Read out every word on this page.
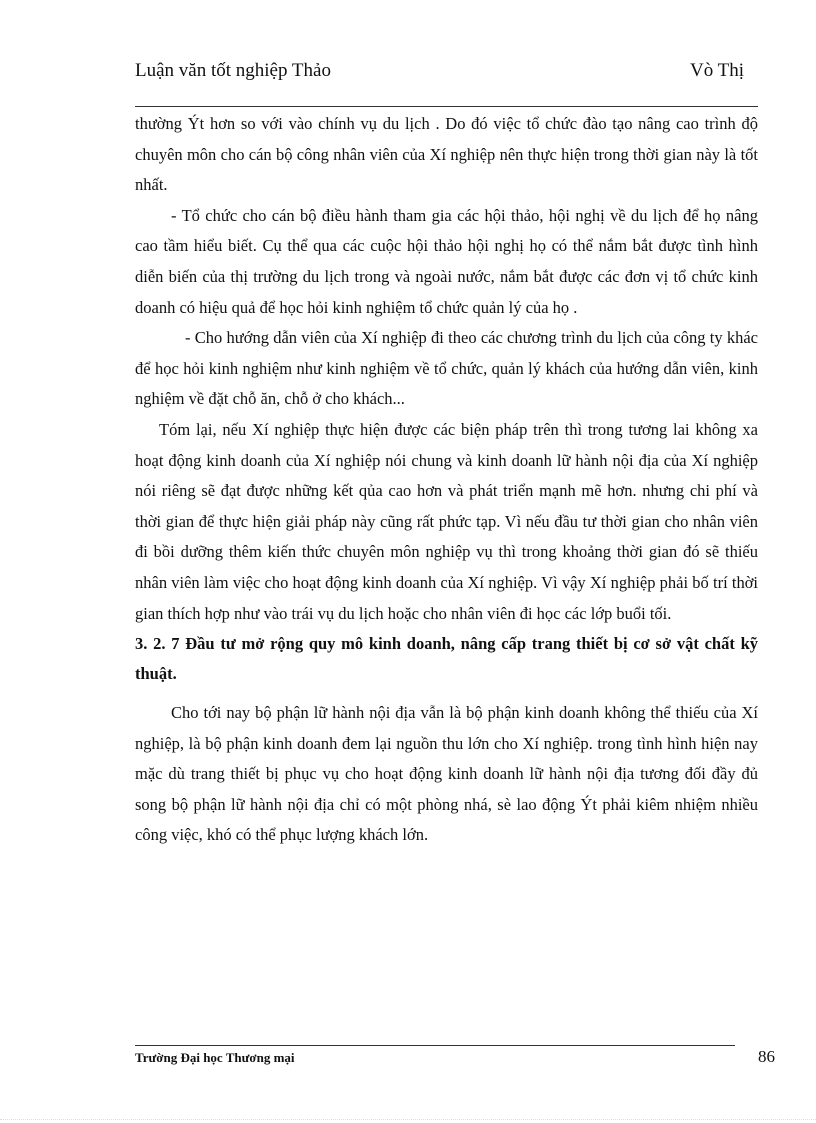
Luận văn tốt nghiệp Thảo	Vò Thị

thường Ýt hơn so với vào chính vụ du lịch . Do đó việc tổ chức đào tạo nâng cao trình độ chuyên môn cho cán bộ công nhân viên của Xí nghiệp nên thực hiện trong thời gian này là tốt nhất.

- Tổ chức cho cán bộ điều hành tham gia các hội thảo, hội nghị về du lịch để họ nâng cao tầm hiểu biết. Cụ thể qua các cuộc hội thảo hội nghị họ có thể nắm bắt được tình hình diễn biến của thị trường du lịch trong và ngoài nước, nắm bắt được các đơn vị tổ chức kinh doanh có hiệu quả để học hỏi kinh nghiệm tổ chức quản lý của họ .

- Cho hướng dẫn viên của Xí nghiệp đi theo các chương trình du lịch của công ty khác để học hỏi kinh nghiệm như kinh nghiệm về tổ chức, quản lý khách của hướng dẫn viên, kinh nghiệm về đặt chỗ ăn, chỗ ở cho khách...

Tóm lại, nếu Xí nghiệp thực hiện được các biện pháp trên thì trong tương lai không xa hoạt động kinh doanh của Xí nghiệp nói chung và kinh doanh lữ hành nội địa của Xí nghiệp nói riêng sẽ đạt được những kết qủa cao hơn và phát triển mạnh mẽ hơn. nhưng chi phí và thời gian để thực hiện giải pháp này cũng rất phức tạp. Vì nếu đầu tư thời gian cho nhân viên đi bồi dưỡng thêm kiến thức chuyên môn nghiệp vụ thì trong khoảng thời gian đó sẽ thiếu nhân viên làm việc cho hoạt động kinh doanh của Xí nghiệp. Vì vậy Xí nghiệp phải bố trí thời gian thích hợp như vào trái vụ du lịch hoặc cho nhân viên đi học các lớp buổi tối.

3. 2. 7 Đầu tư mở rộng quy mô kinh doanh, nâng cấp trang thiết bị cơ sở vật chất kỹ thuật.

Cho tới nay bộ phận lữ hành nội địa vẫn là bộ phận kinh doanh không thể thiếu của Xí nghiệp, là bộ phận kinh doanh đem lại nguồn thu lớn cho Xí nghiệp. trong tình hình hiện nay mặc dù trang thiết bị phục vụ cho hoạt động kinh doanh lữ hành nội địa tương đối đầy đủ song bộ phận lữ hành nội địa chỉ có một phòng nhá, sè lao động Ýt phải kiêm nhiệm nhiều công việc, khó có thể phục lượng khách lớn.

Trường Đại học Thương mại	86
